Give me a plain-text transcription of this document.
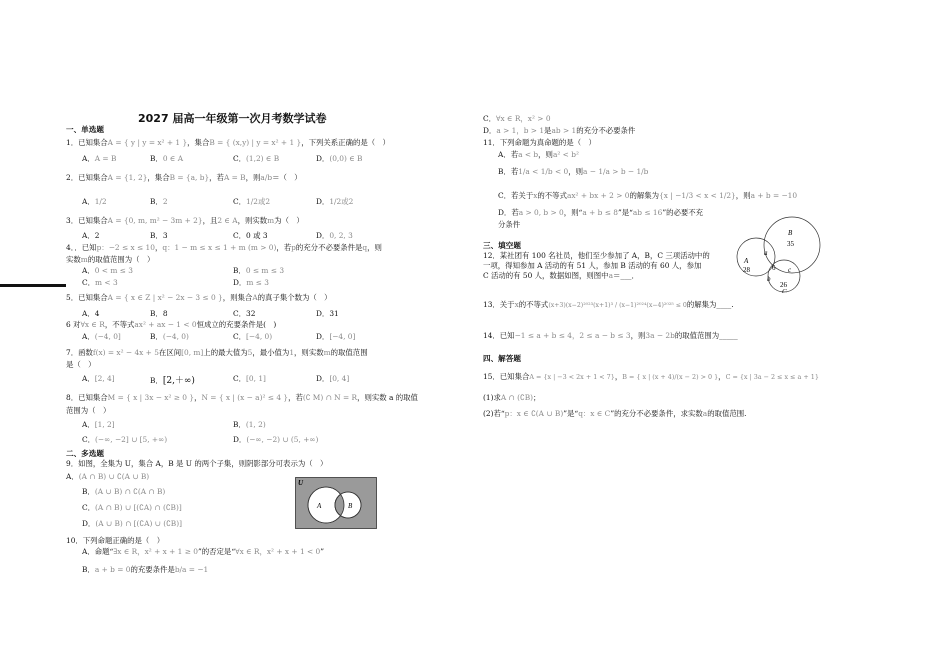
2027 届高一年级第一次月考数学试卷
一、单选题
1．已知集合A = { y | y = x² + 1 }，集合B = { (x,y) | y = x² + 1 }，下列关系正确的是（　）
A．A = B	B．0 ∈ A	C．(1,2) ∈ B	D．(0,0) ∈ B
2．已知集合A = {1, 2}，集合B = {a, b}，若A = B，则a/b＝（　）
A．1/2	B．2	C．1/2或2	D．1/2或2
3．已知集合A = {0, m, m² − 3m + 2}，且2 ∈ A，则实数m为（　）
A．2	B．3	C．0 或 3	D．0, 2, 3
4．．已知p：−2 ≤ x ≤ 10，q：1 − m ≤ x ≤ 1 + m (m > 0)，若p的充分不必要条件是q，则
实数m的取值范围为（　）
A．0 < m ≤ 3	B．0 ≤ m ≤ 3
C．m < 3	D．m ≤ 3
5．已知集合A = { x ∈ Z | x² − 2x − 3 ≤ 0 }，则集合A的真子集个数为（　）
A．4	B．8	C．32	D．31
6 对∀x ∈ R，不等式ax² + ax − 1 < 0恒成立的充要条件是(　)
A．(−4, 0]	B．(−4, 0)	C．[−4, 0)	D．[−4, 0]
7．函数f(x) = x² − 4x + 5在区间[0, m]上的最大值为5，最小值为1，则实数m的取值范围
是（　）
A．[2, 4]	B．[2,＋∞)	C．[0, 1]	D．[0, 4]
8．已知集合M = { x | 3x − x² ≥ 0 }，N = { x | (x − a)² ≤ 4 }，若(∁ M) ∩ N = R，则实数 a 的取值
范围为（　）
A．[1, 2]	B．(1, 2)
C．(−∞, −2] ∪ [5, +∞)	D．(−∞, −2) ∪ (5, +∞)
二、多选题
9．如图，全集为 U，集合 A，B 是 U 的两个子集，则阴影部分可表示为（　）
A．(A ∩ B) ∪ ∁(A ∪ B)
B．(A ∪ B) ∩ ∁(A ∩ B)
C．(A ∩ B) ∪ [(∁A) ∩ (∁B)]
D．(A ∪ B) ∩ [(∁A) ∪ (∁B)]
U
A	B
10．下列命题正确的是（　）
A．命题“∃x ∈ R，x² + x + 1 ≥ 0”的否定是“∀x ∈ R，x² + x + 1 < 0”
B．a + b = 0的充要条件是b/a = −1
C．∀x ∈ R，x² > 0
D．a > 1，b > 1是ab > 1的充分不必要条件
11．下列命题为真命题的是（　）
A．若a < b，则a² < b²
B．若1/a < 1/b < 0，则a − 1/a > b − 1/b
C．若关于x的不等式ax² + bx + 2 > 0的解集为{x | −1/3 < x < 1/2}，则a + b = −10
D．若a > 0, b > 0，则“a + b ≤ 8”是“ab ≤ 16”的必要不充
分条件
三、填空题
12．某社团有 100 名社员，他们至少参加了 A，B，C 三项活动中的
一项，得知参加 A 活动的有 51 人，参加 B 活动的有 60 人，参加
C 活动的有 50 人，数据如图，则图中a＝___．
B
35
A
28
a
6 c
b
26
C
13．关于x的不等式(x+3)(x−2)²⁰²³(x+1)³ / (x−1)²⁰²⁴(x−4)²⁰²⁵ ≤ 0的解集为____.
14．已知−1 ≤ a + b ≤ 4，2 ≤ a − b ≤ 3，则3a − 2b的取值范围为_____
四、解答题
15．已知集合A = {x | −3 < 2x + 1 < 7}，B = { x | (x + 4)/(x − 2) > 0 }，C = {x | 3a − 2 ≤ x ≤ a + 1}
(1)求A ∩ (∁B)；
(2)若“p：x ∈ ∁(A ∪ B)”是“q：x ∈ C”的充分不必要条件，求实数a的取值范围.
